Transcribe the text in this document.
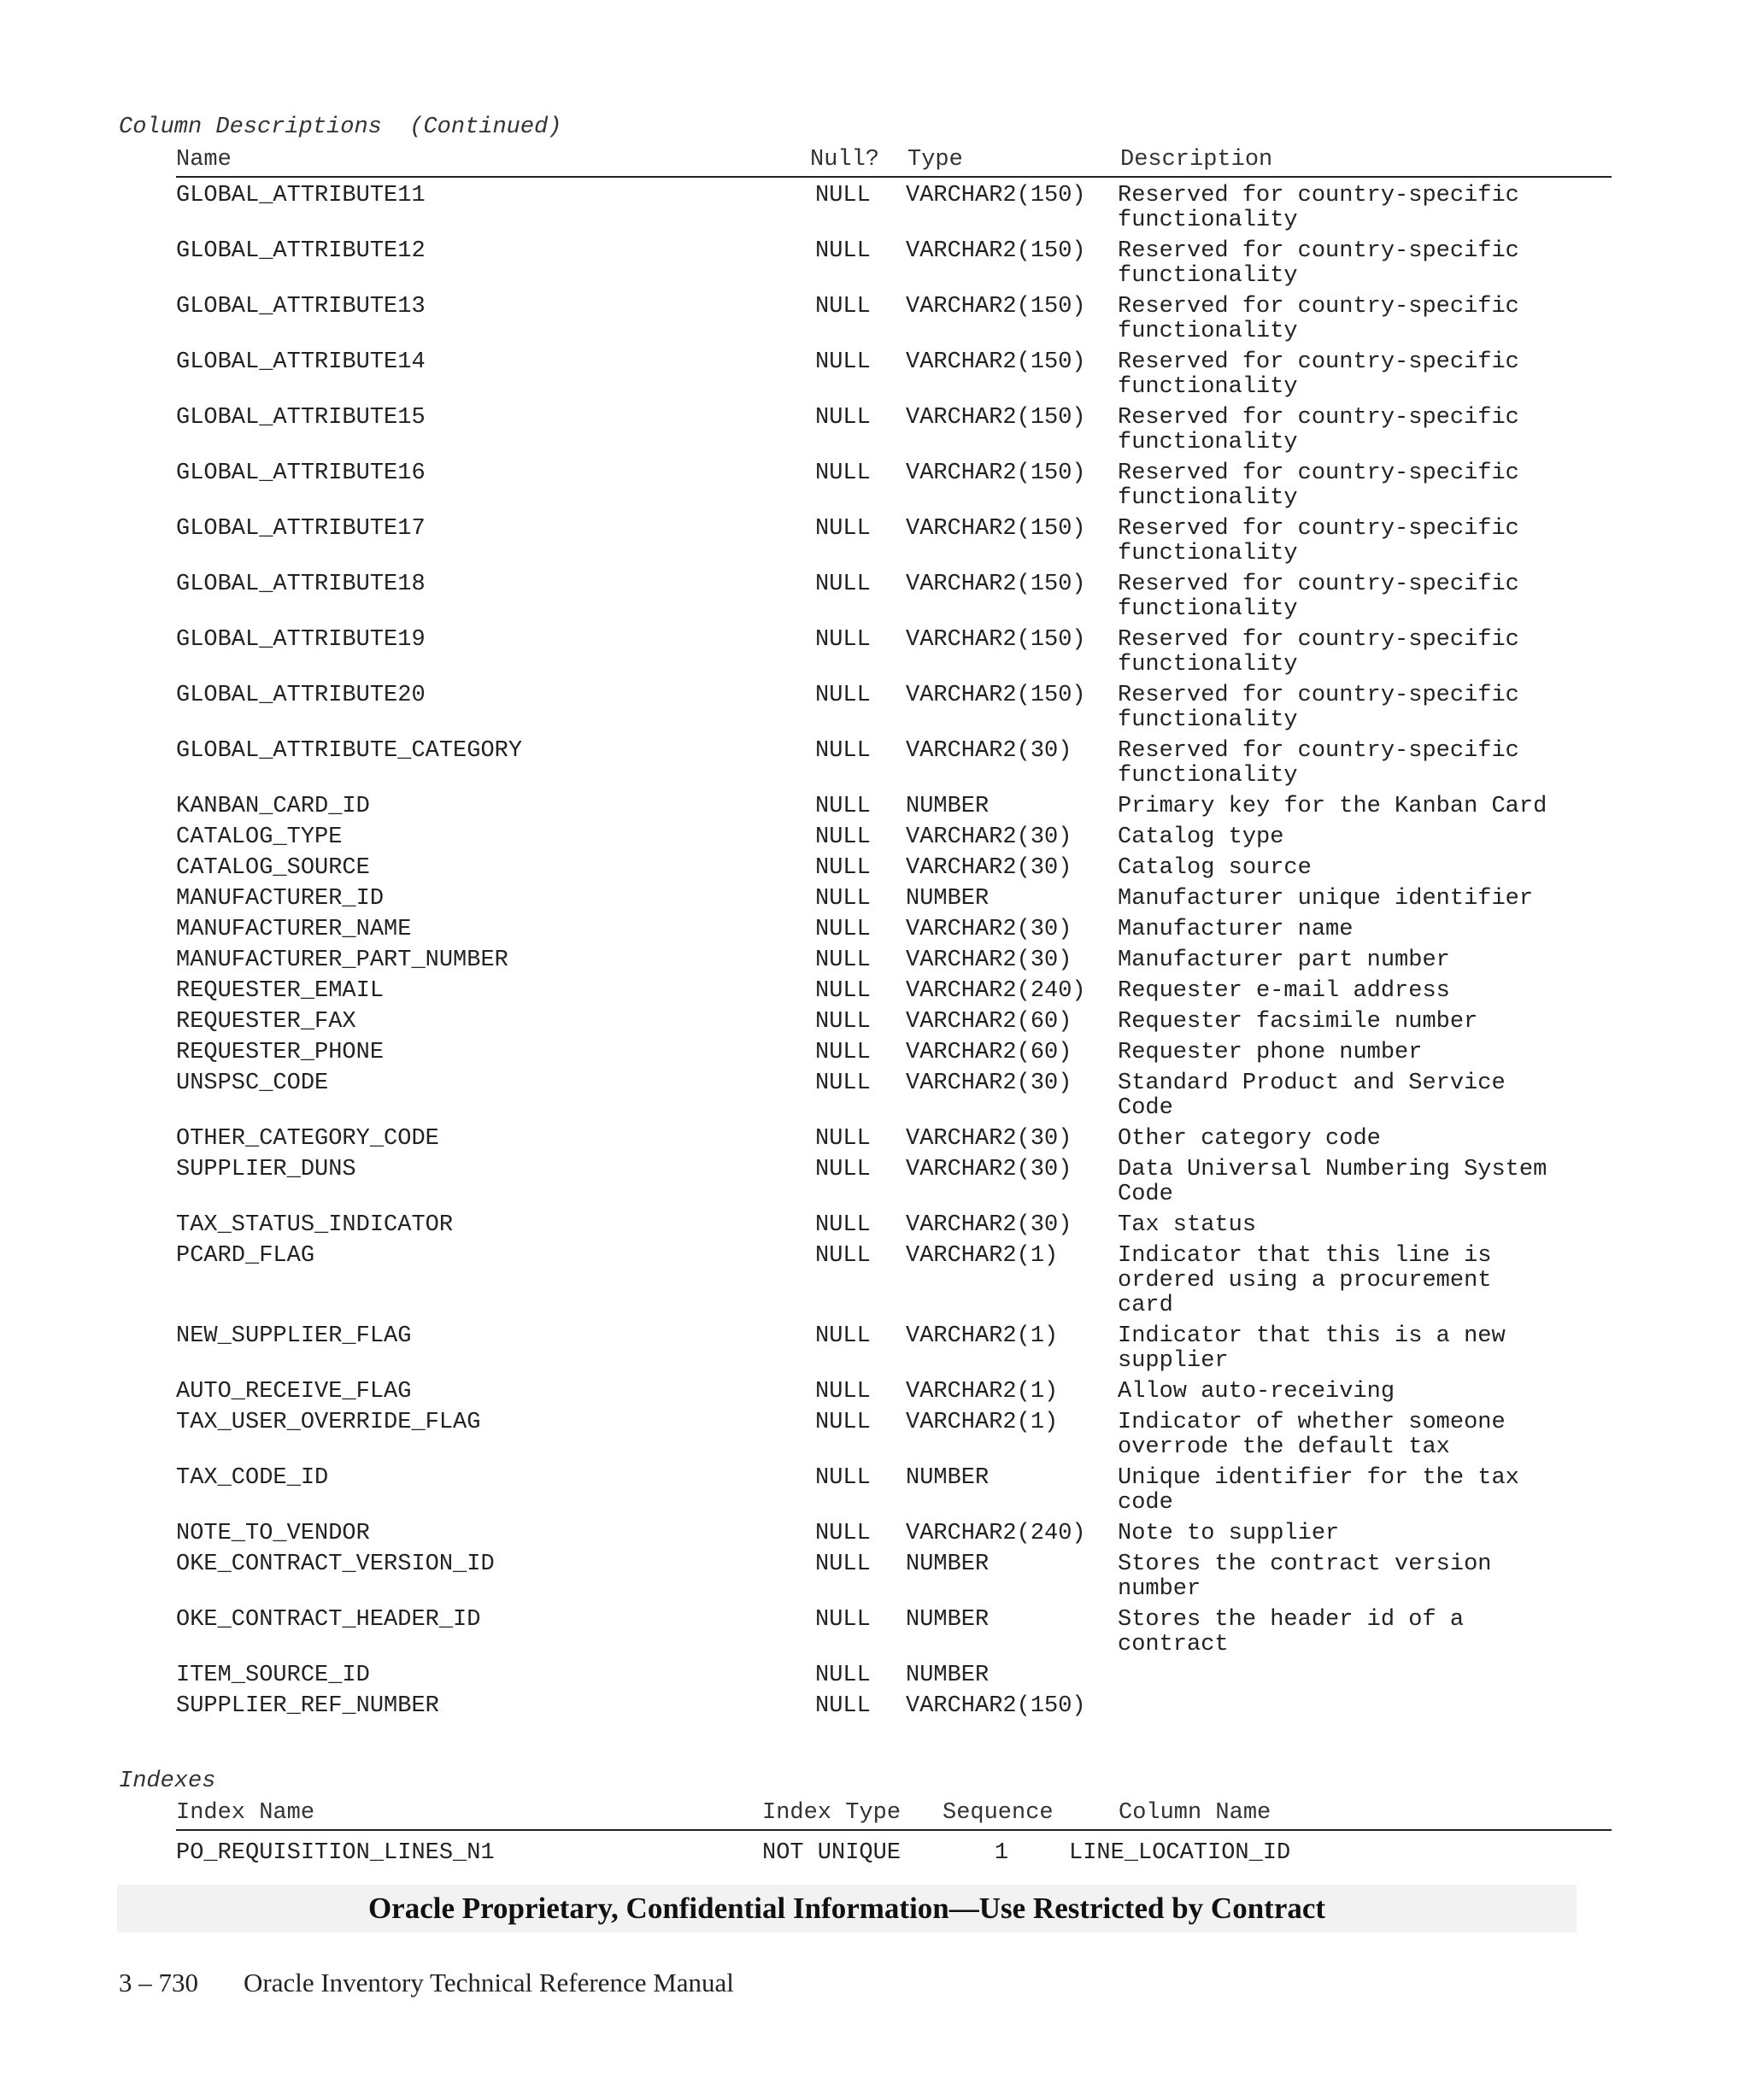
Column Descriptions (Continued)
Name	Null? Type	Description
GLOBAL_ATTRIBUTE11	NULL	VARCHAR2(150)	Reserved for country-specific
functionality
GLOBAL_ATTRIBUTE12	NULL	VARCHAR2(150)	Reserved for country-specific
functionality
GLOBAL_ATTRIBUTE13	NULL	VARCHAR2(150)	Reserved for country-specific
functionality
GLOBAL_ATTRIBUTE14	NULL	VARCHAR2(150)	Reserved for country-specific
functionality
GLOBAL_ATTRIBUTE15	NULL	VARCHAR2(150)	Reserved for country-specific
functionality
GLOBAL_ATTRIBUTE16	NULL	VARCHAR2(150)	Reserved for country-specific
functionality
GLOBAL_ATTRIBUTE17	NULL	VARCHAR2(150)	Reserved for country-specific
functionality
GLOBAL_ATTRIBUTE18	NULL	VARCHAR2(150)	Reserved for country-specific
functionality
GLOBAL_ATTRIBUTE19	NULL	VARCHAR2(150)	Reserved for country-specific
functionality
GLOBAL_ATTRIBUTE20	NULL	VARCHAR2(150)	Reserved for country-specific
functionality
GLOBAL_ATTRIBUTE_CATEGORY	NULL	VARCHAR2(30)	Reserved for country-specific
functionality
KANBAN_CARD_ID	NULL	NUMBER	Primary key for the Kanban Card
CATALOG_TYPE	NULL	VARCHAR2(30)	Catalog type
CATALOG_SOURCE	NULL	VARCHAR2(30)	Catalog source
MANUFACTURER_ID	NULL	NUMBER	Manufacturer unique identifier
MANUFACTURER_NAME	NULL	VARCHAR2(30)	Manufacturer name
MANUFACTURER_PART_NUMBER	NULL	VARCHAR2(30)	Manufacturer part number
REQUESTER_EMAIL	NULL	VARCHAR2(240)	Requester e-mail address
REQUESTER_FAX	NULL	VARCHAR2(60)	Requester facsimile number
REQUESTER_PHONE	NULL	VARCHAR2(60)	Requester phone number
UNSPSC_CODE	NULL	VARCHAR2(30)	Standard Product and Service
Code
OTHER_CATEGORY_CODE	NULL	VARCHAR2(30)	Other category code
SUPPLIER_DUNS	NULL	VARCHAR2(30)	Data Universal Numbering System
Code
TAX_STATUS_INDICATOR	NULL	VARCHAR2(30)	Tax status
PCARD_FLAG	NULL	VARCHAR2(1)	Indicator that this line is
ordered using a procurement
card
NEW_SUPPLIER_FLAG	NULL	VARCHAR2(1)	Indicator that this is a new
supplier
AUTO_RECEIVE_FLAG	NULL	VARCHAR2(1)	Allow auto-receiving
TAX_USER_OVERRIDE_FLAG	NULL	VARCHAR2(1)	Indicator of whether someone
overrode the default tax
TAX_CODE_ID	NULL	NUMBER	Unique identifier for the tax
code
NOTE_TO_VENDOR	NULL	VARCHAR2(240)	Note to supplier
OKE_CONTRACT_VERSION_ID	NULL	NUMBER	Stores the contract version
number
OKE_CONTRACT_HEADER_ID	NULL	NUMBER	Stores the header id of a
contract
ITEM_SOURCE_ID	NULL	NUMBER
SUPPLIER_REF_NUMBER	NULL	VARCHAR2(150)
Indexes
Index Name	Index Type Sequence	Column Name
PO_REQUISITION_LINES_N1	NOT UNIQUE	1	LINE_LOCATION_ID
Oracle Proprietary, Confidential Information––Use Restricted by Contract
3 – 730 Oracle Inventory Technical Reference Manual
